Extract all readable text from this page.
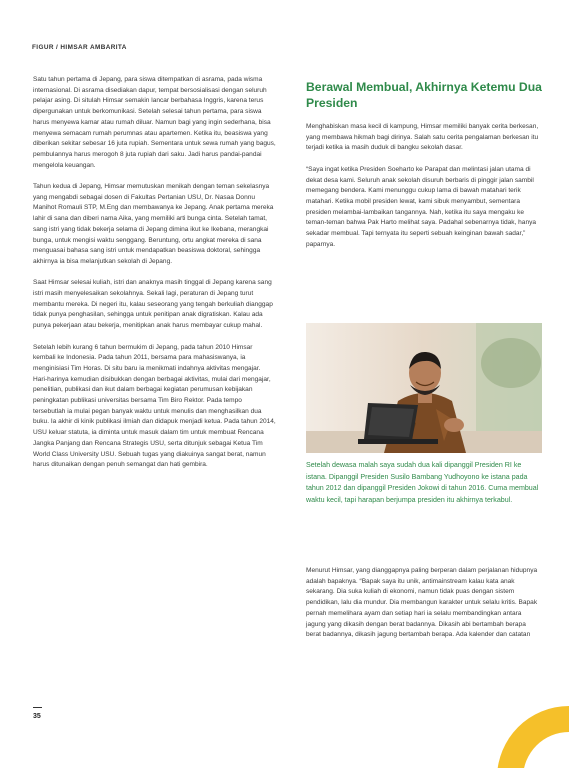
FIGUR / HIMSAR AMBARITA

Satu tahun pertama di Jepang, para siswa ditempatkan di asrama, pada wisma internasional. Di asrama disediakan dapur, tempat bersosialisasi dengan seluruh pelajar asing. Di situlah Himsar semakin lancar berbahasa Inggris, karena terus dipergunakan untuk berkomunikasi. Setelah selesai tahun pertama, para siswa harus menyewa kamar atau rumah diluar. Namun bagi yang ingin sederhana, bisa menyewa semacam rumah perumnas atau apartemen. Ketika itu, beasiswa yang diberikan sekitar sebesar 16 juta rupiah. Sementara untuk sewa rumah yang bagus, pembulannya harus merogoh 8 juta rupiah dari saku. Jadi harus pandai-pandai mengelola keuangan.

Tahun kedua di Jepang, Himsar memutuskan menikah dengan teman sekelasnya yang mengabdi sebagai dosen di Fakultas Pertanian USU, Dr. Nasaa Donnu Manihot Romauli STP, M.Eng dan membawanya ke Jepang. Anak pertama mereka lahir di sana dan diberi nama Aika, yang memiliki arti bunga cinta. Setelah tamat, sang istri yang tidak bekerja selama di Jepang dimina ikut ke Ikebana, merangkai bunga, untuk mengisi waktu senggang. Beruntung, ortu angkat mereka di sana menguasai bahasa sang istri untuk mendapatkan beasiswa doktoral, sehingga akhirnya ia bisa melanjutkan sekolah di Jepang.

Saat Himsar selesai kuliah, istri dan anaknya masih tinggal di Jepang karena sang istri masih menyelesaikan sekolahnya. Sekali lagi, peraturan di Jepang turut membantu mereka. Di negeri itu, kalau seseorang yang tengah berkuliah dianggap tidak punya penghasilan, sehingga untuk penitipan anak digratiskan. Kalau ada punya pekerjaan atau bekerja, menitipkan anak harus membayar cukup mahal.

Setelah lebih kurang 6 tahun bermukim di Jepang, pada tahun 2010 Himsar kembali ke Indonesia. Pada tahun 2011, bersama para mahasiswanya, ia menginisiasi Tim Horas. Di situ baru ia menikmati indahnya aktivitas mengajar. Hari-harinya kemudian disibukkan dengan berbagai aktivitas, mulai dari mengajar, penelitian, publikasi dan ikut dalam berbagai kegiatan perumusan kebijakan peningkatan publikasi universitas bersama Tim Biro Rektor. Pada tempo tersebutlah ia mulai pegan banyak waktu untuk menulis dan menghasilkan dua buku. Ia akhir di kinik publikasi ilmiah dan didapuk menjadi ketua. Pada tahun 2014, USU keluar statuta, ia diminta untuk masuk dalam tim untuk membuat Rencana Jangka Panjang dan Rencana Strategis USU, serta ditunjuk sebagai Ketua Tim World Class University USU. Sebuah tugas yang diakuinya sangat berat, namun harus ditunaikan dengan penuh semangat dan hati gembira.

Berawal Membual, Akhirnya Ketemu Dua Presiden

Menghabiskan masa kecil di kampung, Himsar memiliki banyak cerita berkesan, yang membawa hikmah bagi dirinya. Salah satu cerita pengalaman berkesan itu terjadi ketika ia masih duduk di bangku sekolah dasar.

“Saya ingat ketika Presiden Soeharto ke Parapat dan melintasi jalan utama di dekat desa kami. Seluruh anak sekolah disuruh berbaris di pinggir jalan sambil memegang bendera. Kami menunggu cukup lama di bawah matahari terik matahari. Ketika mobil presiden lewat, kami sibuk menyambut, sementara presiden melambai-lambaikan tangannya. Nah, ketika itu saya mengaku ke teman-teman bahwa Pak Harto melihat saya. Padahal sebenarnya tidak, hanya sekadar membual. Tapi ternyata itu seperti sebuah keinginan bawah sadar,” paparnya.

Setelah dewasa malah saya sudah dua kali dipanggil Presiden RI ke istana. Dipanggil Presiden Susilo Bambang Yudhoyono ke istana pada tahun 2012 dan dipanggil Presiden Jokowi di tahun 2016. Cuma membual waktu kecil, tapi harapan berjumpa presiden itu akhirnya terkabul.

Menurut Himsar, yang dianggapnya paling berperan dalam perjalanan hidupnya adalah bapaknya. “Bapak saya itu unik, antimainstream kalau kata anak sekarang. Dia suka kuliah di ekonomi, namun tidak puas dengan sistem pendidikan, lalu dia mundur. Dia membangun karakter untuk selalu kritis. Bapak pernah memelihara ayam dan setiap hari ia selalu membandingkan antara jagung yang dikasih dengan berat badannya. Dikasih abi bertambah berapa berat badannya, dikasih jagung bertambah berapa. Ada kalender dan catatan

35
